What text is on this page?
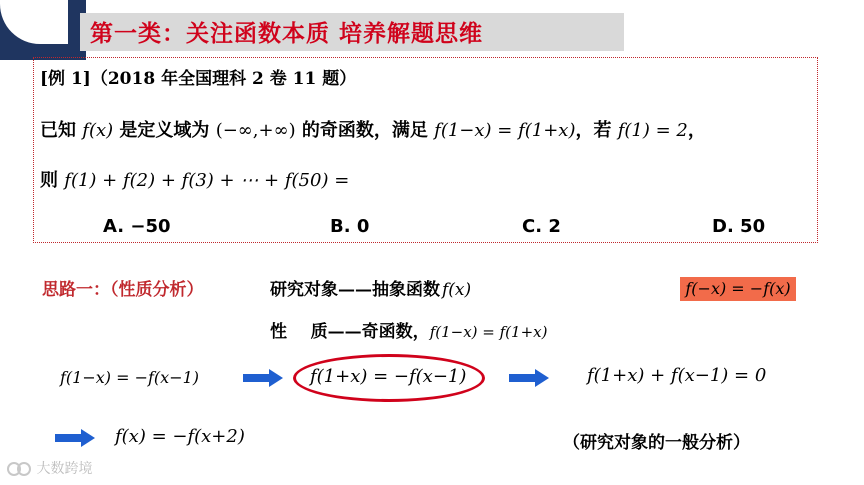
第一类：关注函数本质 培养解题思维
[例 1]（2018 年全国理科 2 卷 11 题）
已知 f(x) 是定义域为 (−∞,+∞) 的奇函数，满足 f(1−x) = f(1+x)，若 f(1) = 2，
则 f(1) + f(2) + f(3) + ⋯ + f(50) =
A. −50	B. 0	C. 2	D. 50
思路一：（性质分析）	研究对象——抽象函数 f(x)	f(−x) = −f(x)
性    质——奇函数，f(1−x) = f(1+x)
f(1−x) = −f(x−1)	f(1+x) = −f(x−1)	f(1+x) + f(x−1) = 0
f(x) = −f(x+2)	（研究对象的一般分析）
大数跨境
